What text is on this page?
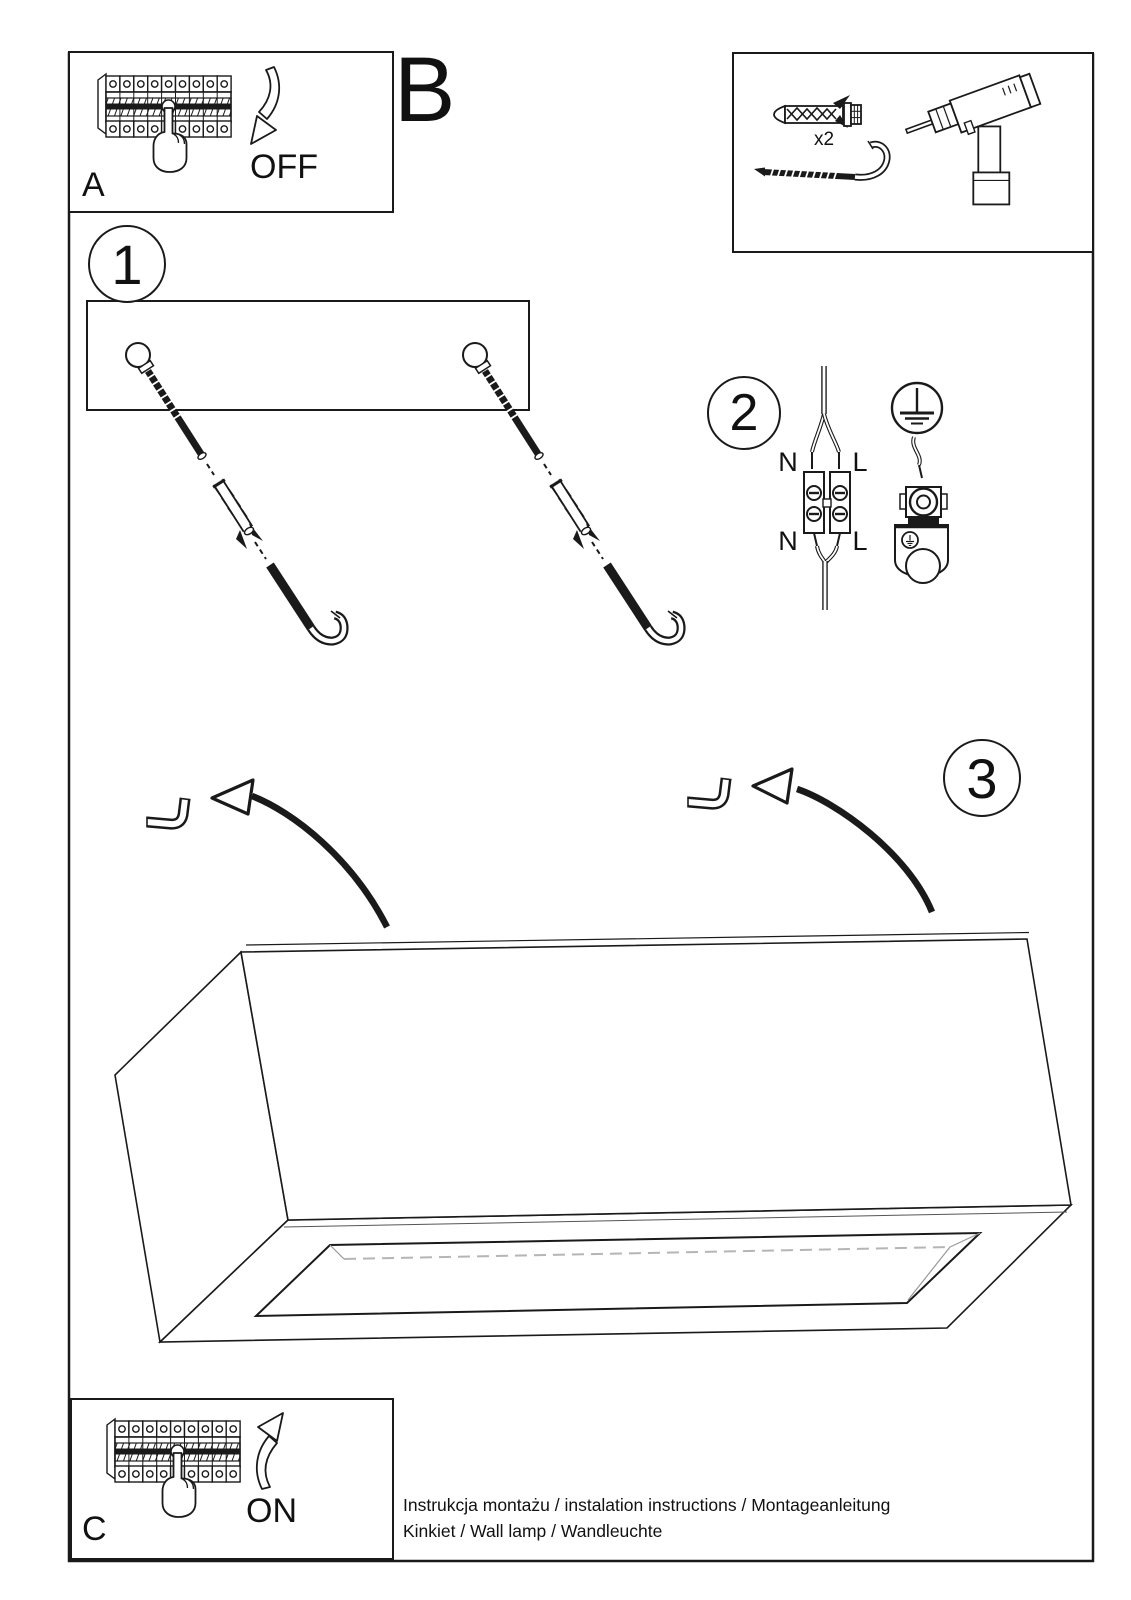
A	OFF
B	x2
1
2
3
N L
N L
C	ON	Instrukcja montażu / instalation instructions / Montageanleitung
Kinkiet / Wall lamp / Wandleuchte
